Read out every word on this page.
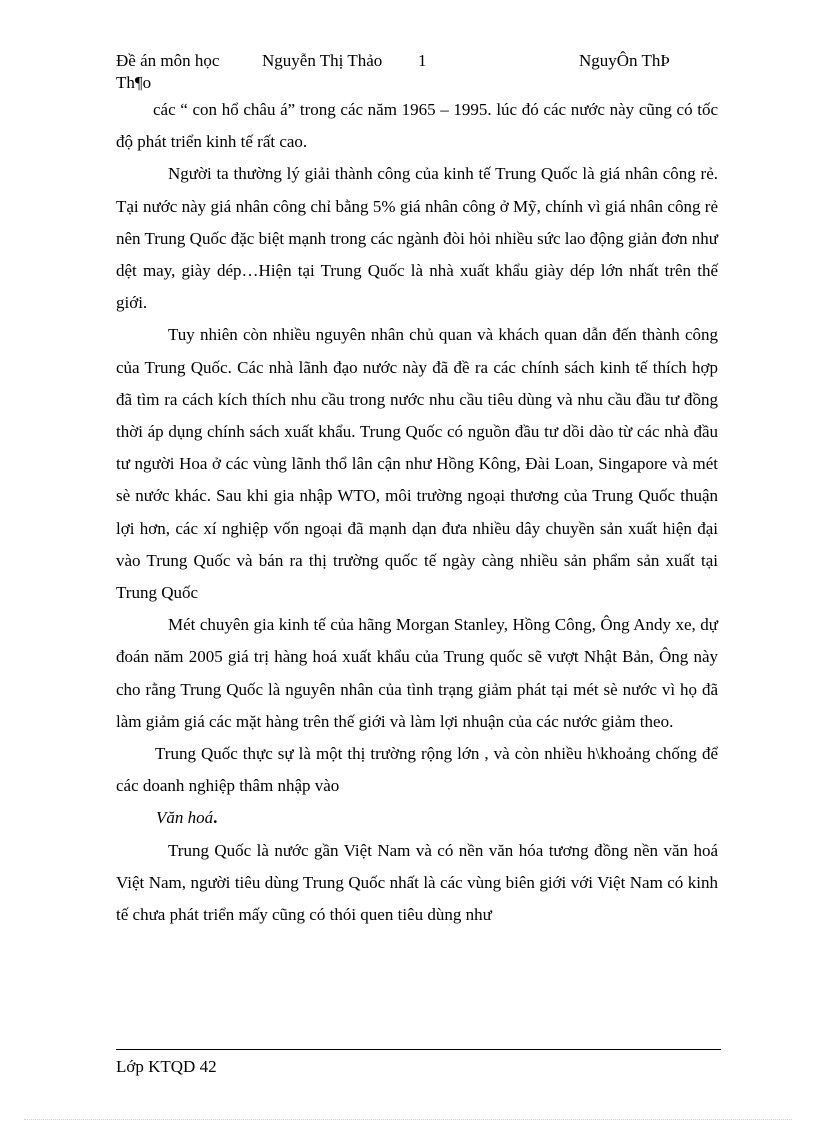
Đề án môn học	Nguyễn Thị Thảo 1	NguyÔn ThÞ
Th¶o

các “ con hổ châu á” trong các năm 1965 – 1995. lúc đó các nước này cũng có tốc độ phát triển kinh tế rất cao.

Người ta thường lý giải thành công của kinh tế Trung Quốc là giá nhân công rẻ. Tại nước này giá nhân công chỉ bằng 5% giá nhân công ở Mỹ, chính vì giá nhân công rẻ nên Trung Quốc đặc biệt mạnh trong các ngành đòi hỏi nhiều sức lao động giản đơn như dệt may, giày dép…Hiện tại Trung Quốc là nhà xuất khẩu giày dép lớn nhất trên thế giới.

Tuy nhiên còn nhiều nguyên nhân chủ quan và khách quan dẫn đến thành công của Trung Quốc. Các nhà lãnh đạo nước này đã đề ra các chính sách kinh tế thích hợp đã tìm ra cách kích thích nhu cầu trong nước nhu cầu tiêu dùng và nhu cầu đầu tư đồng thời áp dụng chính sách xuất khẩu. Trung Quốc có nguồn đầu tư dồi dào từ các nhà đầu tư người Hoa ở các vùng lãnh thổ lân cận như Hồng Kông, Đài Loan, Singapore và mét sè nước khác. Sau khi gia nhập WTO, môi trường ngoại thương của Trung Quốc thuận lợi hơn, các xí nghiệp vốn ngoại đã mạnh dạn đưa nhiều dây chuyền sản xuất hiện đại vào Trung Quốc và bán ra thị trường quốc tế ngày càng nhiều sản phẩm sản xuất tại Trung Quốc

Mét chuyên gia kinh tế của hãng Morgan Stanley, Hồng Công, Ông Andy xe, dự đoán năm 2005 giá trị hàng hoá xuất khẩu của Trung quốc sẽ vượt Nhật Bản, Ông này cho rằng Trung Quốc là nguyên nhân của tình trạng giảm phát tại mét sè nước vì họ đã làm giảm giá các mặt hàng trên thế giới và làm lợi nhuận của các nước giảm theo.

Trung Quốc thực sự là một thị trường rộng lớn , và còn nhiều h\khoảng chống để các doanh nghiệp thâm nhập vào

Văn hoá.

Trung Quốc là nước gần Việt Nam và có nền văn hóa tương đồng nền văn hoá Việt Nam, người tiêu dùng Trung Quốc nhất là các vùng biên giới với Việt Nam có kinh tế chưa phát triển mấy cũng có thói quen tiêu dùng như

Lớp KTQD 42
